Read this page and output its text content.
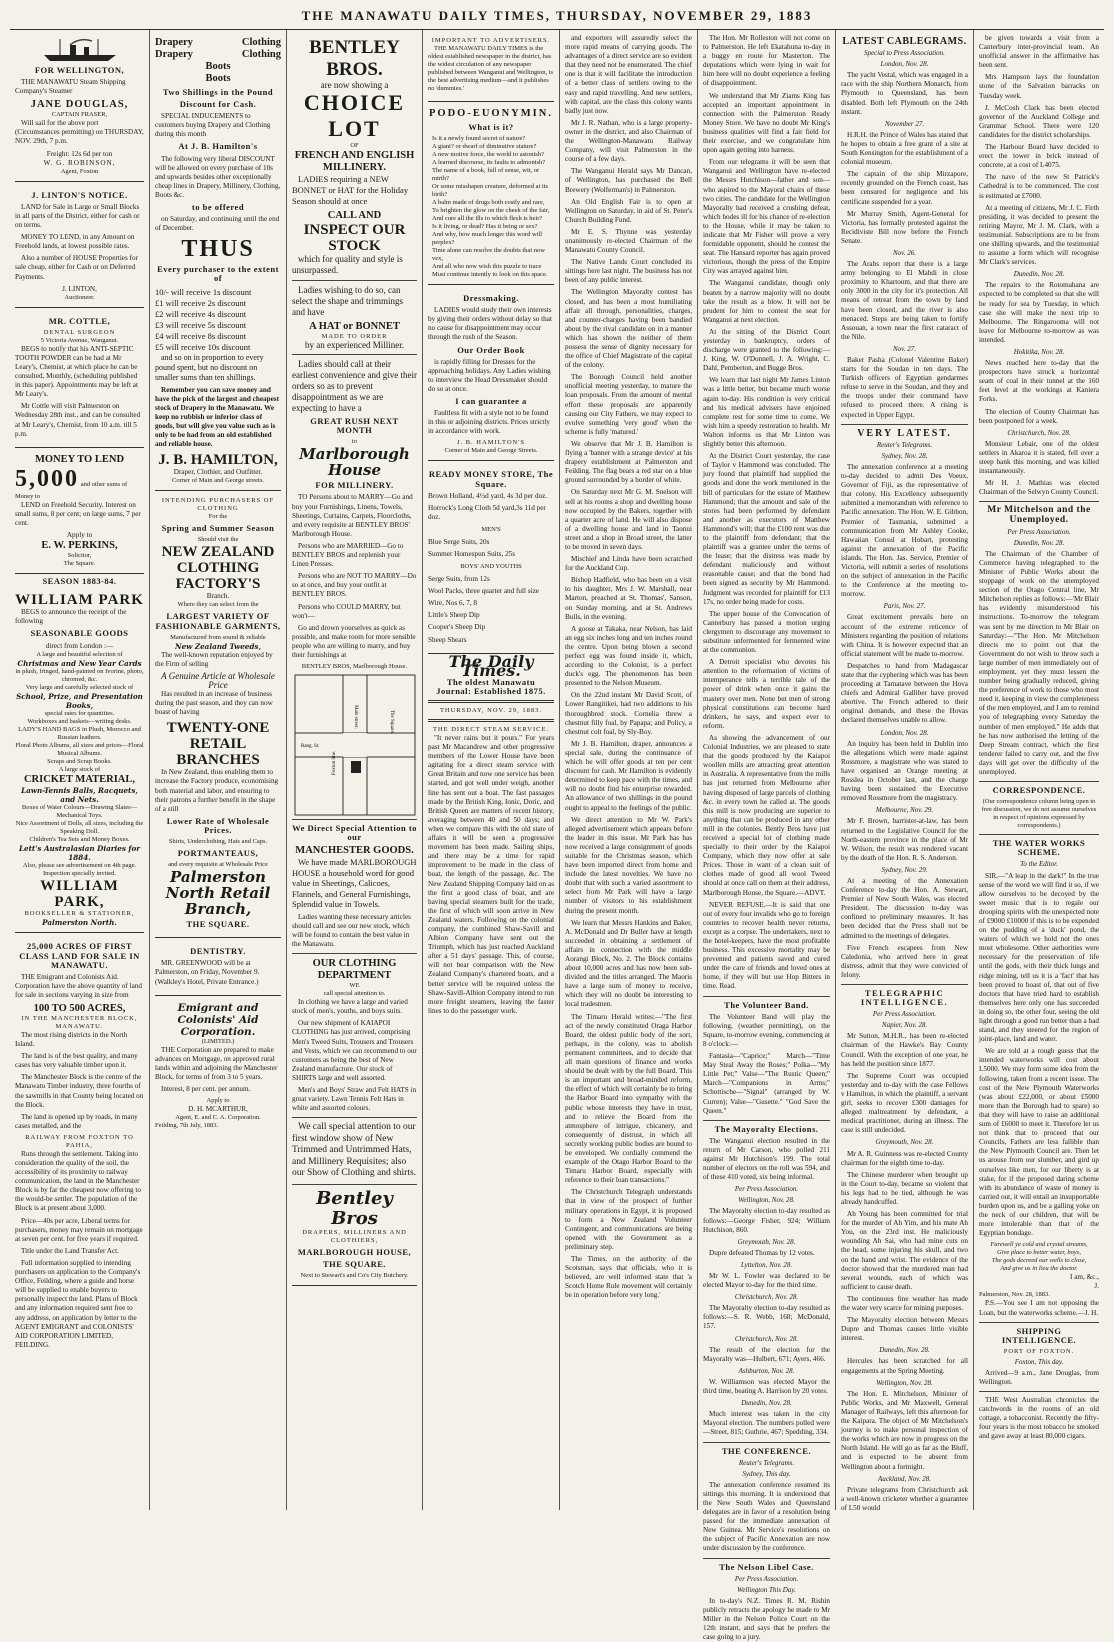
THE MANAWATU DAILY TIMES, THURSDAY, NOVEMBER 29, 1883
FOR WELLINGTON,

THE MANAWATU Steam Shipping Company's Steamer

JANE DOUGLAS,
CAPTAIN FRASER,

Will sail for the above port (Circumstances permitting) on THURSDAY, NOV. 29th, 7 p.m.

Freight: 12s 6d per ton
W. G. ROBINSON,
Agent, Foxton
J. LINTON'S NOTICE.

LAND for Sale in Large or Small Blocks in all parts of the District, either for cash or on terms.

MONEY TO LEND, in any Amount on Freehold lands, at lowest possible rates.

Also a number of HOUSE Properties for sale cheap, either for Cash or on Deferred Payments.

J. LINTON,
Auctioneer.
MR. COTTLE,
DENTAL SURGEON
5 Victoria Avenue, Wanganui.

BEGS to notify that his ANTI-SEPTIC TOOTH POWDER can be had at Mr Leary's, Chemist, at which place he can be consulted, Monthly, (scheduling published in this paper). Appointments may be left at Mr Leary's.

Mr Cottle will visit Palmerston on Wednesday 28th inst., and can be consulted at Mr Leary's, Chemist, from 10 a.m. till 5 p.m.

MONEY TO LEND
5,000 and other sums of Money to

LEND on Freehold Security. Interest on small sums, 8 per cent; on large sums, 7 per cent.

Apply to
E. W. PERKINS,
Solicitor,
The Square.
SEASON 1883-84.
WILLIAM PARK

BEGS to announce the receipt of the following

SEASONABLE GOODS
direct from London :—
A large and beautiful selection of
Christmas and New Year Cards
in plush, fringed, hand-painted on Ivorine, photo, chromed, &c.
Very large and carefully selected stock of
School, Prize, and Presentation Books,
special rates for quantities.
Workboxes and baskets—writing desks.
LADY'S HAND BAGS in Plush, Morocco and Russian leathers.
Floral Photo Albums, all sizes and prices—Floral Musical Albums.
Scraps and Scrap Books.
A large stock of
CRICKET MATERIAL,
Lawn-Tennis Balls, Racquets, and Nets.
Boxes of Water Colours—Drawing Slates—Mechanical Toys.
Nice Assortment of Dolls, all sizes, including the Speaking Doll.
Children's Tea Sets and Money Boxes.
Lett's Australasian Diaries for 1884.
Also, please see advertisement on 4th page.
Inspection specially invited.
WILLIAM PARK,
BOOKSELLER & STATIONER,
Palmerston North.
25,000 ACRES OF FIRST CLASS LAND FOR SALE IN MANAWATU.

THE Emigrant and Colonists Aid. Corporation have the above quantity of land for sale in sections varying in size from

100 TO 500 ACRES,
IN THE MANCHESTER BLOCK, MANAWATU.

The most rising districts in the North Island.

The land is of the best quality, and many cases has very valuable timber upon it.

The Manchester Block is the centre of the Manawatu Timber industry, three fourths of the sawmills in that County being located on the Block.

The land is opened up by roads, in many cases metalled, and the

RAILWAY FROM FOXTON TO PAHIA,

Runs through the settlement. Taking into consideration the quality of the soil, the accessibility of its proximity to railway communication, the land in the Manchester Block is by far the cheapest now offering to the would-be settler. The population of the Block is at present about 3,000.

Price—40s per acre, Liberal terms for purchasers, money may remain on mortgage at seven per cent. for five years if required.

Title under the Land Transfer Act.

Full information supplied to intending purchasers on application to the Company's Office, Feilding, where a guide and horse will be supplied to enable buyers to personally inspect the land. Plans of Block and any information required sent free to any address, on application by letter to the AGENT EMIGRANT and COLONISTS' AID CORPORATION LIMITED, FEILDING.

Drapery	Clothing
Drapery	Clothing
Boots
Boots
Two Shillings in the Pound
Discount for Cash.

SPECIAL INDUCEMENTS to customers buying Drapery and Clothing during this month

At J. B. Hamilton's

The following very liberal DISCOUNT will be allowed on every purchase of 10s and upwards besides other exceptionally cheap lines in Drapery, Millinery, Clothing, Boots &c.

to be offered

on Saturday, and continuing until the end of December.

THUS
Every purchaser to the extent of
10/- will receive 1s discount
£1 will receive 2s discount
£2 will receive 4s discount
£3 will receive 5s discount
£4 will receive 8s discount
£5 will receive 10s discount

and so on in proportion to every pound spent, but no discount on smaller sums than ten shillings.

Remember you can save money and have the pick of the largest and cheapest stock of Drapery in the Manawatu. We keep no rubbish or inferior class of goods, but will give you value such as is only to be had from an old established and reliable house.

J. B. HAMILTON,
Draper, Clothier, and Outfitter.
Corner of Main and George streets.
INTENDING PURCHASERS OF CLOTHING
For the
Spring and Summer Season
Should visit the
NEW ZEALAND CLOTHING FACTORY'S
Branch.
Where they can select from the
LARGEST VARIETY OF FASHIONABLE GARMENTS,
Manufactured from sound & reliable
New Zealand Tweeds,

The well-known reputation enjoyed by the Firm of selling

A Genuine Article at Wholesale Price

Has resulted in an increase of business during the past season, and they can now boast of having

TWENTY-ONE RETAIL BRANCHES

In New Zealand, thus enabling them to increase the Factory produce, economising both material and labor, and ensuring to their patrons a further benefit in the shape of a still

Lower Rate of Wholesale Prices.
Shirts, Underclothing, Hats and Caps.
PORTMANTEAUS,
and every requisite at Wholesale Price
Palmerston North Retail Branch,
THE SQUARE.
DENTISTRY.

MR. GREENWOOD will be at Palmerston, on Friday, November 9. (Walkley's Hotel, Private Entrance.)

Emigrant and Colonists' Aid Corporation.
(LIMITED.)

THE Corporation are prepared to make advances on Mortgage, on approved rural lands within and adjoining the Manchester Block, for terms of from 3 to 5 years.

Interest, 8 per cent. per annum.

Apply to
D. H. MCARTHUR,
Agent, E. and C. A. Corporation.
Feilding, 7th July, 1883.
BENTLEY BROS.
are now showing a
CHOICE LOT
OF
FRENCH AND ENGLISH MILLINERY.

LADIES requiring a NEW BONNET or HAT for the Holiday Season should at once

CALL AND
INSPECT OUR STOCK

which for quality and style is unsurpassed.

Ladies wishing to do so, can select the shape and trimmings and have

A HAT or BONNET
MADE TO ORDER
by an experienced Milliner.

Ladies should call at their earliest convenience and give their orders so as to prevent disappointment as we are expecting to have a

GREAT RUSH NEXT MONTH
to
Marlborough House
FOR MILLINERY.

TO Persons about to MARRY—Go and buy your Furnishings, Linens, Towels, Sheetings, Curtains, Carpets, Floorcloths, and every requisite at BENTLEY BROS' Marlborough House.

Persons who are MARRIED—Go to BENTLEY BROS and replenish your Linen Presses.

Persons who are NOT TO MARRY—Do so at once, and buy your outfit at BENTLEY BROS.

Persons who COULD MARRY, but won't—

Go and drown yourselves as quick as possible, and make room for more sensible people who are willing to marry, and buy their furnishings at

BENTLEY BROS, Marlborough House.
Main street.	The Square.
Rang. St.
Foxton line.
We Direct Special Attention to our
MANCHESTER GOODS.

We have made MARLBOROUGH HOUSE a household word for good value in Sheetings, Calicoes, Flannels, and General Furnishings, Splendid value in Towels.

Ladies wanting these necessary articles should call and see our new stock, which will be found to contain the best value in the Manawatu.

OUR CLOTHING DEPARTMENT
WE
call special attention to.

In clothing we have a large and varied stock of men's, youths, and boys suits.

Our new shipment of KAIAPOI CLOTHING has just arrived, comprising Men's Tweed Suits, Trousers and Trousers and Vests, which we can recommend to our customers as being the best of New Zealand manufacture. Our stock of SHIRTS large and well assorted.

Men's and Boys' Straw and Felt HATS in great variety. Lawn Tennis Felt Hats in white and assorted colours.

We call special attention to our first window show of New Trimmed and Untrimmed Hats, and Millinery Requisites; also our Show of Clothing and shirts.

Bentley Bros
DRAPERS, MILLINERS AND CLOTHIERS,
MARLBOROUGH HOUSE,
THE SQUARE.
Next to Stewart's and Co's City Butchery.
IMPORTANT TO ADVERTISERS.

THE MANAWATU DAILY TIMES is the oldest established newspaper in the district, has the widest circulation of any newspaper published between Wanganui and Wellington, is the best advertising medium—and it publishes no 'dummies.'

PODO-EUONYMIN.
What is it?
Is it a newly found secret of nature?
A giant? or dwarf of diminutive stature?
A new motive force, the world to astonish?
A learned discourse, its faults to admonish?
The name of a book, full of sense, wit, or mirth?
Or some misshapen creature, deformed at its birth?
A balm made of drugs both costly and rare,
To brighten the glow on the cheek of the fair,
And cure all the ills to which flesh is heir?
Is it living, or dead? Has it being or sex?
And why, how much longer this word will perplex?
Time alone can resolve the doubts that now vex,
And all who now wish this puzzle to trace
Must continue intently to look on this space.
Dressmaking.

LADIES would study their own interests by giving their orders without delay so that no cause for disappointment may occur through the rush of the Season.

Our Order Book

is rapidly filling for Dresses for the approaching holidays. Any Ladies wishing to interview the Head Dressmaker should do so at once.

I can guarantee a

Faultless fit with a style not to be found in this or adjoining districts. Prices strictly in accordance with work.

J. B. HAMILTON'S
Corner of Main and George Streets.
READY MONEY STORE, The Square.
Brown Holland, 4½d yard, 4s 3d per doz.
Horrock's Long Cloth 5d yard,3s 11d per doz.
MEN'S
Blue Serge Suits, 20s
Summer Homespun Suits, 25s
BOYS' AND YOUTHS
Serge Suits, from 12s
Wool Packs, three quarter and full size
Wire, Nos 6, 7, 8
Little's Sheep Dip
Cooper's Sheep Dip
Sheep Shears
The Daily Times.
The oldest Manawatu Journal: Established 1875.
THURSDAY, NOV. 29, 1883.
THE DIRECT STEAM SERVICE.

"It never rains but it pours." For years past Mr Macandrew and other progressive members of the Lower House have been agitating for a direct steam service with Great Britain and now one service has been started, and got well under weigh, another line has sent out a boat. The fast passages made by the British King, Ionic, Doric, and British Queen are matters of recent history, averaging between 40 and 50 days; and when we compare this with the old state of affairs it will be seen a progressive movement has been made. Sailing ships, and there may be a time for rapid improvement to be made in the class of boat, the length of the passage, &c. The New Zealand Shipping Company laid on as the first a good class of boat, and are having special steamers built for the trade, the first of which will soon arrive in New Zealand waters. Following on the colonial company, the combined Shaw-Savill and Albion Company have sent out the Triumph, which has just reached Auckland after a 51 days' passage. This, of course, will not bear comparison with the New Zealand Company's chartered boats, and a better service will be required unless the Shaw-Savill-Albion Company intend to run more freight steamers, leaving the faster lines to do the passenger work.

and exporters will assuredly select the more rapid means of carrying goods. The advantages of a direct service are so evident that they need not be enumerated. The chief one is that it will facilitate the introduction of a better class of settlers owing to the easy and rapid travelling. And new settlers, with capital, are the class this colony wants badly just now.

Mr J. R. Nathan, who is a large property-owner in the district, and also Chairman of the Wellington-Manawatu Railway Company, will visit Palmerston in the course of a few days.

The Wanganui Herald says Mr Dancan, of Wellington, has purchased the Bell Brewery (Wolferman's) in Palmerston.

An Old English Fair is to open at Wellington on Saturday, in aid of St. Peter's Church Building Fund.

Mr E. S. Thynne was yesterday unanimously re-elected Chairman of the Manawatu County Council.

The Native Lands Court concluded its sittings here last night. The business has not been of any public interest.

The Wellington Mayoralty contest has closed, and has been a most humiliating affair all through, personalities, charges, and counter-charges having been bandied about by the rival candidate on in a manner which has shown the neither of them possess the sense of dignity necessary for the office of Chief Magistrate of the capital of the colony.

The Borough Council held another unofficial meeting yesterday, to mature the loan proposals. From the amount of mental effort these proposals are apparently causing our City Fathers, we may expect to evolve something 'very good' when the scheme is fully 'matured.'

We observe that Mr J. B. Hamilton is flying a 'banner with a strange device' at his drapery establishment at Palmerston and Feilding. The flag bears a red star on a blue ground surrounded by a border of white.

On Saturday next Mr G. M. Snelson will sell at his rooms a shop and dwelling house now occupied by the Bakers, together with a quarter acre of land. He will also dispose of a dwelling house and land in Taonui street and a shop in Broad street, the latter to be moved in seven days.

Mischief and Linda have been scratched for the Auckland Cup.

Bishop Hadfield, who has been on a visit to his daughter, Mrs J. W. Marshall, near Marton, preached at St. Thomas', Sanson, on Sunday morning, and at St. Andrews Bulls, in the evening.

A goose at Takaka, near Nelson, has laid an egg six inches long and ten inches round the centre. Upon being blown a second perfect egg was found inside it, which, according to the Colonist, is a perfect duck's egg. The phenomenon has been presented to the Nelson Museum.

On the 22nd instant Mr David Scott, of Lower Rangitikei, had two additions to his thoroughbred stock. Cornelia threw a chestnut filly foal, by Papapa; and Policy, a chestnut colt foal, by Sly-Boy.

Mr J. B. Hamilton, draper, announces a special sale, during the continuance of which he will offer goods at ten per cent discount for cash. Mr Hamilton is evidently determined to keep pace with the times, and will no doubt find his enterprise rewarded. An allowance of two shillings in the pound ought to appeal to the feelings of the public.

We direct attention to Mr W. Park's alleged advertisement which appears before the leader in this issue. Mr Park has has now received a large consignment of goods suitable for the Christmas season, which have been imported direct from home and include the latest novelties. We have no doubt that with such a varied assortment to select from Mr Park will have a large number of visitors to his establishment during the present month.

We learn that Messrs Hankins and Baker, A. McDonald and Dr Buller have at length succeeded in obtaining a settlement of affairs in connection with the middle Aorangi Block, No. 2. The Block contains about 10,000 acres and has now been sub-divided and the titles arranged. The Maoris have a large sum of money to receive, which they will no doubt be interesting to local tradesmen.

The Timaru Herald writes:—"The first act of the newly constituted Oraga Harbor Board, the oldest public body of the sort, perhaps, in the colony, was to abolish permanent committees, and to decide that all main questions of finance and works should be dealt with by the full Board. This is an important and broad-minded reform, the effect of which will certainly be to bring the Harbor Board into sympathy with the public whose interests they have in trust, and to relieve the Board from the atmosphere of intrigue, chicanery, and consequently of distrust, in which all secretly working public bodies are bound to be enveloped. We cordially commend the example of the Otago Harbor Board to the Timaru Harbor Board, especially with reference to their loan transactions."

The Christchurch Telegraph understands that in view of the prospect of further military operations in Egypt, it is proposed to form a New Zealand Volunteer Contingent, and communications are being opened with the Government as a preliminary step.

The Times, on the authority of the Scotsman, says that officials, who it is believed, are well informed state that 'a Scotch Home Rule movement will certainly be in operation before very long.'

The Hon. Mr Rolleston will not come on to Palmerston. He left Ekatahuna to-day in a buggy en route for Masterton. The deputations which were lying in wait for him here will no doubt experience a feeling of disappointment.

We understand that Mr Ziams King has accepted an important appointment in connection with the Palmerston Ready Money Store. We have no doubt Mr King's business qualities will find a fair field for their exercise, and we congratulate him upon again getting into harness.

From our telegrams it will be seen that Wanganui and Wellington have re-elected the Messrs Hutchison—father and son—who aspired to the Mayoral chairs of these two cities. The candidate for the Wellington Mayoralty had received a crushing defeat, which bodes ill for his chance of re-election to the House, while it may be taken to indicate that Mr Fisher will prove a very formidable opponent, should he contest the seat. The Hansard reporter has again proved victorious, though the press of the Empire City was arrayed against him.

The Wanganui candidate, though only beaten by a narrow majority will no doubt take the result as a blow. It will not be prudent for him to contest the seat for Wanganui at next election.

At the sitting of the District Court yesterday in bankruptcy, orders of discharge were granted to the following:—J. King, W. O'Donnell, J. A. Wright, C. Dahl, Pemberton, and Bugge Bros.

We learn that last night Mr James Linton was a little better, but became much worse again to-day. His condition is very critical and his medical advisers have enjoined complete rest for some time to come. We wish him a speedy restoration to health. Mr Walton informs us that Mr Linton was slightly better this afternoon.

At the District Court yesterday, the case of Taylor v Hammond was concluded. The jury found that plaintiff had supplied the goods and done the work mentioned in the bill of particulars for the estate of Matthew Hammond; that the amount and sale of the stores had been performed by defendant and another as executors of Matthew Hammond's will; that the £100 rent was due to the plaintiff from defendant; that the plaintiff was a grantee under the terms of the lease; that the distress was made by defendant maliciously and without reasonable cause; and that the bond had been signed as security by Mr Hammond. Judgment was recorded for plaintiff for £13 17s, no order being made for costs.

The upper house of the Convocation of Canterbury has passed a motion urging clergymen to discourage any movement to substitute unfermented for fermented wine at the communion.

A Detroit specialist who devotes his attention to the reformation of victims of intemperance tells a terrible tale of the power of drink when once it gains the mastery over men. None but men of strong physical constitutions can become hard drinkers, he says, and expect ever to reform.

As showing the advancement of our Colonial Industries, we are pleased to state that the goods produced by the Kaiapoi woollen mills are attracting great attention in Australia. A representative from the mills has just returned from Melbourne after having disposed of large parcels of clothing &c. in every town he called at. The goods this mill is now producing are superior to anything that can be produced in any other mill in the colonies. Bently Bros have just received a special lot of clothing made specially to their order by the Kaiapoi Company, which they now offer at sale Prices. Those in want of a clean suit of clothes made of good all wool Tweed should at once call on them at their address, Marlborough House, the Square.—ADVT.

NEVER REFUSE.—It is said that one out of every four invalids who go to foreign countries to recover health never returns, except as a corpse. The undertakers, next to the hotel-keepers, have the most profitable business. This excessive mortality may be prevented and patients saved and cured under the care of friends and loved ones at home, if they will but use Hop Bitters in time. Read.

The Volunteer Band.

The Volunteer Band will play the following, (weather permitting), on the Square, to-morrow evening, commencing at 8 o'clock:—

Fantasia—"Caprice;" March—"Time May Steal Away the Roses;" Polka—"My Little Pet;" Valse—"The Rustic Queen;" March—"Companions in Arms;" Schottische—"Signal" (arranged by W. Curren); Valse—"Gusette." "God Save the Queen."

The Mayoralty Elections.

The Wanganui election resulted in the return of Mr Carson, who polled 211 against Mr Hutchison's 199. The total number of electors on the roll was 594, and of these 410 voted, six being informal.

Per Press Association.
Wellington, Nov. 28.

The Mayoralty election to-day resulted as follows:—George Fisher, 924; William Hutchison, 860.

Greymouth, Nov. 28.

Dupre defeated Thomas by 12 votes.

Lyttelton, Nov. 28.

Mr W. L. Fowler was declared to be elected Mayor to-day for the third time.

Christchurch, Nov. 28.

The Mayoralty election to-day resulted as follows:—S. R. Webb, 168; McDonald, 157.

Christchurch, Nov. 28.

The result of the election for the Mayoralty was—Hulbert, 671; Ayers, 466.

Ashburton, Nov. 28.

W. Williamson was elected Mayor the third time, beating A. Harrison by 20 votes.

Dunedin, Nov. 28.

Much interest was taken in the city Mayoral election. The numbers polled were—Street, 815; Guthrie, 467; Spedding, 334.

THE CONFERENCE.
Reuter's Telegrams.
Sydney, This day.

The annexation conference resumed its sittings this morning. It is understood that the New South Wales and Queensland delegates are in favor of a resolution being passed for the immediate annexation of New Guinea. Mr Service's resolutions on the subject of Pacific Annexation are now under discussion by the conference.

The Nelson Libel Case.
Per Press Association.
Wellington This Day.

In to-day's N.Z. Times R. M. Rishin publicly retracts the apology he made to Mr Miller in the Nelson Police Court on the 12th instant, and says that he prefers the case going to a jury.

LATEST CABLEGRAMS.
Special to Press Association.
London, Nov. 28.

The yacht Vestal, which was engaged in a race with the ship Northern Monarch, from Plymouth to Queensland, has been disabled. Both left Plymouth on the 24th instant.

November 27.

H.R.H. the Prince of Wales has stated that he hopes to obtain a free grant of a site at South Kensington for the establishment of a colonial museum.

The captain of the ship Mirzapore, recently grounded on the French coast, has been censured for negligence and his certificate suspended for a year.

Mr Murray Smith, Agent-General for Victoria, has formally protested against the Recidiviste Bill now before the French Senate.

Nov. 26.

The Arabs report that there is a large army belonging to El Mahdi in close proximity to Khartoum, and that there are only 3000 in the city for it's protection. All means of retreat from the town by land have been closed, and the river is also menaced. Steps are being taken to fortify Assouan, a town near the first cataract of the Nile.

Nov. 27.

Baker Pasha (Colonel Valentine Baker) starts for the Soudan in ten days. The Turkish officers of Egyptian gendarmes refuse to serve in the Soudan, and they and the troops under their command have refused to proceed there. A rising is expected in Upper Egypt.

VERY LATEST.
Reuter's Telegrams.
Sydney, Nov. 28.

The annexation conference at a meeting to-day decided to admit Des Voeux, Governor of Fiji, as the representative of that colony. His Excellency subsequently submitted a memorandum with reference to Pacific annexation. The Hon. W. E. Gibbon, Premier of Tasmania, submitted a communication from Mr Ashley Cooke, Hawaiian Consul at Hobart, protesting against the annexation of the Pacific islands. The Hon. Jas. Service, Premier of Victoria, will submit a series of resolutions on the subject of annexation in the Pacific to the Conference at the meeting to-morrow.

Paris, Nov. 27.

Great excitement prevails here on account of the extreme reticence of Ministers regarding the position of relations with China. It is however expected that an official statement will be made to-morrow.

Despatches to hand from Madagascar state that the cyphering which was has been proceeding at Tamatave between the Hova chiefs and Admiral Galliber have proved abortive. The French adhered to their original demands, and these the Hovas declared themselves unable to allow.

London, Nov. 28.

An inquiry has been held in Dublin into the allegations which were made against Rossmore, a magistrate who was stated to have organised an Orange meeting at Rosslea in October last, and the charge having been sustained the Executive removed Rossmore from the magistracy.

Melbourne, Nov. 29.

Mr F. Brown, barrister-at-law, has been returned to the Legislative Council for the North-eastern province in the place of Mr W. Wilson, the result was rendered vacant by the death of the Hon. R. S. Anderson.

Sydney, Nov. 29.

At a meeting of the Annexation Conference to-day the Hon. A. Stewart, Premier of New South Wales, was elected President. The discussion to-day was confined to preliminary measures. It has been decided that the Press shall not be admitted to the meetings of delegates.

Five French escapees from New Caledonia, who arrived here in great distress, admit that they were convicted of felony.

TELEGRAPHIC INTELLIGENCE.
Per Press Association.
Napier, Nov. 28.

Mr Sutton, M.H.R., has been re-elected chairman of the Hawke's Bay County Council. With the exception of one year, he has held the position since 1877.

The Supreme Court was occupied yesterday and to-day with the case Fellows v Hamilton, in which the plaintiff, a servant girl, seeks to recover £300 damages for alleged maltreatment by defendant, a medical practitioner, during an illness. The case is still undecided.

Greymouth, Nov. 28.

Mr A. R. Guinness was re-elected County chairman for the eighth time to-day.

The Chinese murderer when brought up in the Court to-day, became so violent that his legs had to be tied, although he was already handcuffed.

Ah Young has been committed for trial for the murder of Ah Yim, and his mate Ah You, on the 23rd inst. He maliciously wounding Ah Sai, who had mine cuts on the head, some injuring his skull, and two on the hand and wrist. The evidence of the doctor showed that the murdered man had several wounds, each of which was sufficient to cause death.

The continuous fine weather has made the water very scarce for mining purposes.

The Mayoralty election between Messrs Dupre and Thomas causes little visible interest.

Dunedin, Nov. 28.

Hercules has been scratched for all engagements at the Spring Meeting.

Wellington, Nov. 28.

The Hon. E. Mitchelson, Minister of Public Works, and Mr Maxwell, General Manager of Railways, left this afternoon for the Kaipara. The object of Mr Mitchelson's journey is to make personal inspection of the works which are now in progress on the North Island. He will go as far as the Bluff, and is expected to be absent from Wellington about a fortnight.

Auckland, Nov. 28.

Private telegrams from Christchurch ask a well-known cricketer whether a guarantee of L50 would

be given towards a visit from a Canterbury inter-provincial team. An unofficial answer in the affirmative has been sent.

Mrs Hampson lays the foundation stone of the Salvation barracks on Tuesday week.

J. McCosh Clark has been elected governor of the Auckland College and Grammar School. There were 120 candidates for the district scholarships.

The Harbour Board have decided to erect the tower in brick instead of concrete, at a cost of L4075.

The nave of the new St Patrick's Cathedral is to be commenced. The cost is estimated at £7000.

At a meeting of citizens, Mr J. C. Firth presiding, it was decided to present the retiring Mayor, Mr J. M. Clark, with a testimonial. Subscriptions are to be from one shilling upwards, and the testimonial to assume a form which will recognise Mr Clark's services.

Dunedin, Nov. 28.

The repairs to the Rotomahana are expected to be completed so that she will be ready for sea by Tuesday, in which case she will make the next trip to Melbourne. The Ringarooma will not leave for Melbourne to-morrow as was intended.

Hokitika, Nov. 28.

News reached here to-day that the prospectors have struck a horizontal seam of coal in their tunnel at the 160 feet level at the workings at Kaniera Forks.

The election of County Chairman has been postponed for a week.

Christchurch, Nov. 28.

Monsieur Lebair, one of the oldest settlers in Akaroa it is stated, fell over a steep bank this morning, and was killed instantaneously.

Mr H. J. Mathias was elected Chairman of the Selwyn County Council.

Mr Mitchelson and the Unemployed.
Per Press Association.
Dunedin, Nov. 28.

The Chairman of the Chamber of Commerce having telegraphed to the Minister of Public Works about the stoppage of work on the unemployed section of the Otago Central line, Mr Mitchelson replies as follows:—'Mr Blair has evidently misunderstood his instructions. To-morrow the telegram was sent by me direction to Mr Blair on Saturday:—"The Hon. Mr Mitchelson directs me to point out that the Government do not wish to throw such a large number of men immediately out of employment, yet they must lessen the number being gradually reduced, giving the preference of work to those who most need it, keeping in view the completeness of the men employed, and I am to remind you of telegraphing every Saturday the number of men employed." He adds that he has now authorised the letting of the Deep Stream contract, which the first tenderer failed to carry out, and the five days will get over the difficulty of the unemployed.

CORRESPONDENCE.
(Our correspondence column being open to free discussion, we do not assume ourselves in respect of opinions expressed by correspondents.)
THE WATER WORKS SCHEME.
To the Editor.

SIR,—"A leap in the dark!" In the true sense of the word we will find it so, if we allow ourselves to be decoyed by the sweet music that is to regale our drooping spirits with the unexpected note of £9000 £10000 if this is to be expended on the pudding of a 'duck' pond, the waters of which we hold not the ones most wholesome. Other authorities were necessary for the preservation of life until the gods, with their thick lungs and ridge mining, tell us it is a 'fact' that has been proved to boast of, that out of five doctors that have tried hard to establish themselves here only one has succeeded in doing so, the other four, seeing the old light through a good run better than a bad stand, and they steered for the region of joint-place, land and water.

We are told at a rough guess that the intended waterworks will cost about L5000. We may form some idea from the following, taken from a recent issue. The cost of the New Plymouth Waterworks (was about £22,000, or about £5000 more than the Borough had to spare) so that they will have to raise an additional sum of £6000 to meet it. Therefore let us not think that to proceed that our Councils, Fathers are less fallible than the New Plymouth Council are. Then let us arouse from our slumber, and gird up ourselves like men, for our liberty is at stake, for if the proposed daring scheme with its abundance of waste of money is carried out, it will entail an insupportable burden upon us, and be a galling yoke on the neck of our children, that will be more intolerable than that of the Egyptian bondage.

Farewell ye cold and crystal streams,
Give place to better water, boys,
The gods decreed our wells to close,
And give us in lieu the doctor.
I am, &c.,
J.
Palmerston, Nov. 28, 1883.

P.S.—You see I am not opposing the Loan, but the waterworks scheme.—J. H.

SHIPPING INTELLIGENCE.
PORT OF FOXTON.
Foxton, This day.

Arrived—9 a.m., Jane Douglas, from Wellington.

THE West Australian chronicles the catchwords in the rooms of an old cottage, a tobacconist. Recently the fifty-four years is the most tobacco he smoked and gave away at least 80,000 cigars.
